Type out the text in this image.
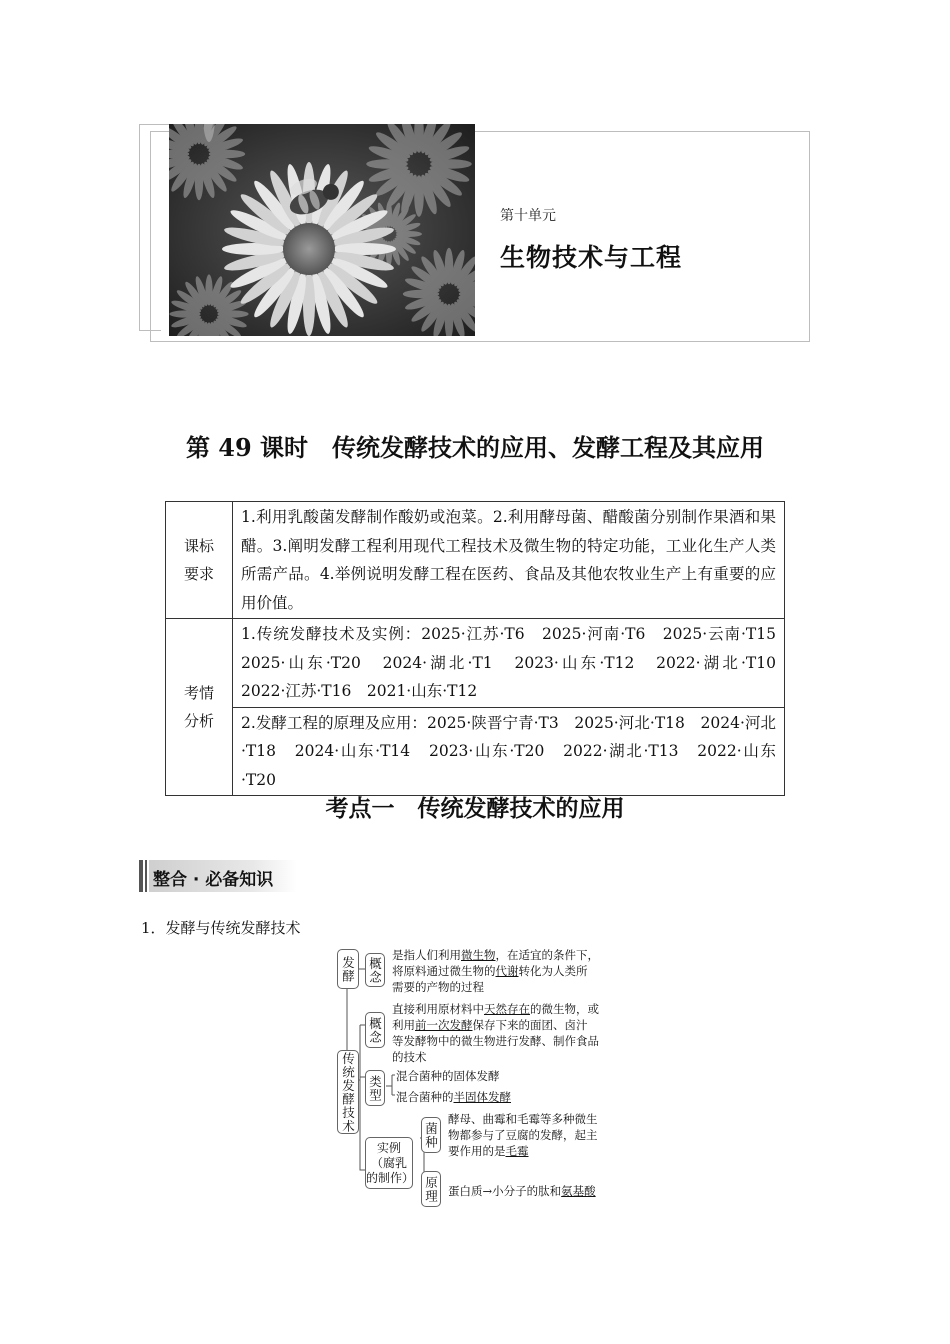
第十单元
生物技术与工程
第 49 课时　传统发酵技术的应用、发酵工程及其应用
课标
要求	1.利用乳酸菌发酵制作酸奶或泡菜。2.利用酵母菌、醋酸菌分别制作果酒和果醋。3.阐明发酵工程利用现代工程技术及微生物的特定功能，工业化生产人类所需产品。4.举例说明发酵工程在医药、食品及其他农牧业生产上有重要的应用价值。

考情
分析	1.传统发酵技术及实例：2025·江苏·T6　2025·河南·T6　2025·云南·T15　2025·山东·T20　2024·湖北·T1　2023·山东·T12　2022·湖北·T10　2022·江苏·T16　2021·山东·T12
	2.发酵工程的原理及应用：2025·陕晋宁青·T3　2025·河北·T18　2024·河北·T18　2024·山东·T14　2023·山东·T20　2022·湖北·T13　2022·山东·T20
考点一　传统发酵技术的应用
整合 · 必备知识
1．发酵与传统发酵技术
发酵 概念
是指人们利用微生物，在适宜的条件下，
将原料通过微生物的代谢转化为人类所
需要的产物的过程
传统发酵技术
概念
直接利用原材料中天然存在的微生物，或
利用前一次发酵保存下来的面团、卤汁
等发酵物中的微生物进行发酵、制作食品
的技术
类型 混合菌种的固体发酵
混合菌种的半固体发酵
实例
（腐乳
的制作）
菌种
酵母、曲霉和毛霉等多种微生
物都参与了豆腐的发酵，起主
要作用的是毛霉
原理 蛋白质→小分子的肽和氨基酸
